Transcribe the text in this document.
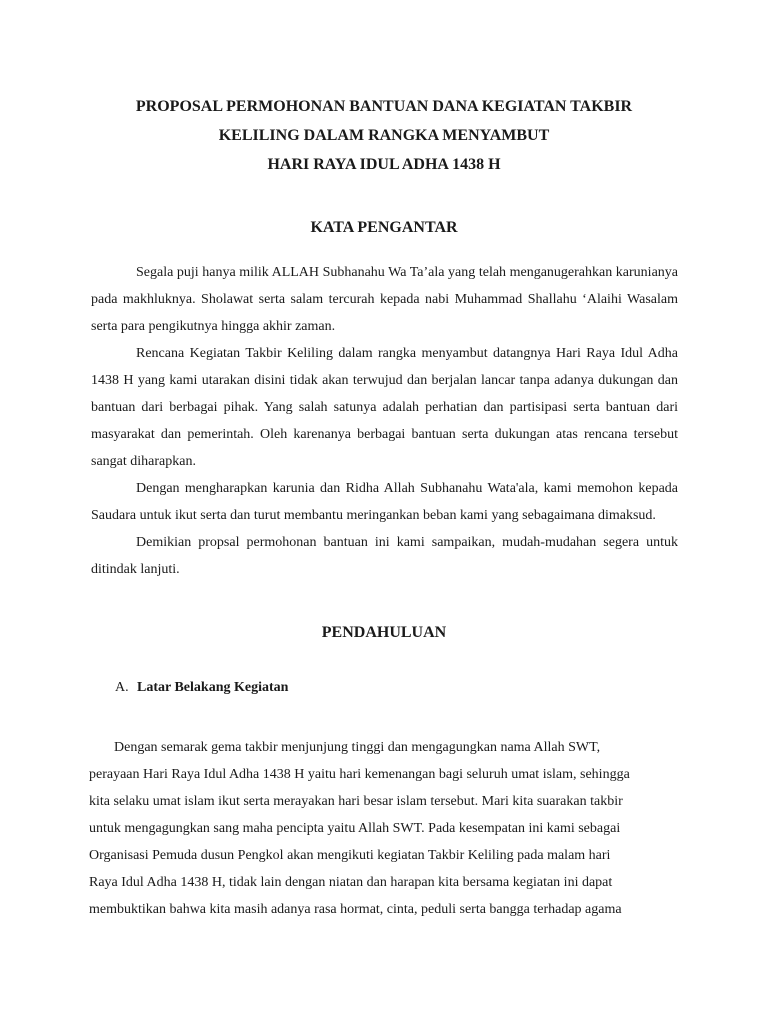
PROPOSAL PERMOHONAN BANTUAN DANA KEGIATAN TAKBIR
KELILING DALAM RANGKA MENYAMBUT
HARI RAYA IDUL ADHA 1438 H
KATA PENGANTAR

Segala puji hanya milik ALLAH Subhanahu Wa Ta’ala yang telah menganugerahkan karunianya pada makhluknya. Sholawat serta salam tercurah kepada nabi Muhammad Shallahu ‘Alaihi Wasalam serta para pengikutnya hingga akhir zaman.

Rencana Kegiatan Takbir Keliling dalam rangka menyambut datangnya Hari Raya Idul Adha 1438 H yang kami utarakan disini tidak akan terwujud dan berjalan lancar tanpa adanya dukungan dan bantuan dari berbagai pihak. Yang salah satunya adalah perhatian dan partisipasi serta bantuan dari masyarakat dan pemerintah. Oleh karenanya berbagai bantuan serta dukungan atas rencana tersebut sangat diharapkan.

Dengan mengharapkan karunia dan Ridha Allah Subhanahu Wata'ala, kami memohon kepada Saudara untuk ikut serta dan turut membantu meringankan beban kami yang sebagaimana dimaksud.

Demikian propsal permohonan bantuan ini kami sampaikan, mudah-mudahan segera untuk ditindak lanjuti.

PENDAHULUAN
A. Latar Belakang Kegiatan
Dengan semarak gema takbir menjunjung tinggi dan mengagungkan nama Allah SWT,
perayaan Hari Raya Idul Adha 1438 H yaitu hari kemenangan bagi seluruh umat islam, sehingga
kita selaku umat islam ikut serta merayakan hari besar islam tersebut. Mari kita suarakan takbir
untuk mengagungkan sang maha pencipta yaitu Allah SWT. Pada kesempatan ini kami sebagai
Organisasi Pemuda dusun Pengkol akan mengikuti kegiatan Takbir Keliling pada malam hari
Raya Idul Adha 1438 H, tidak lain dengan niatan dan harapan kita bersama kegiatan ini dapat
membuktikan bahwa kita masih adanya rasa hormat, cinta, peduli serta bangga terhadap agama
